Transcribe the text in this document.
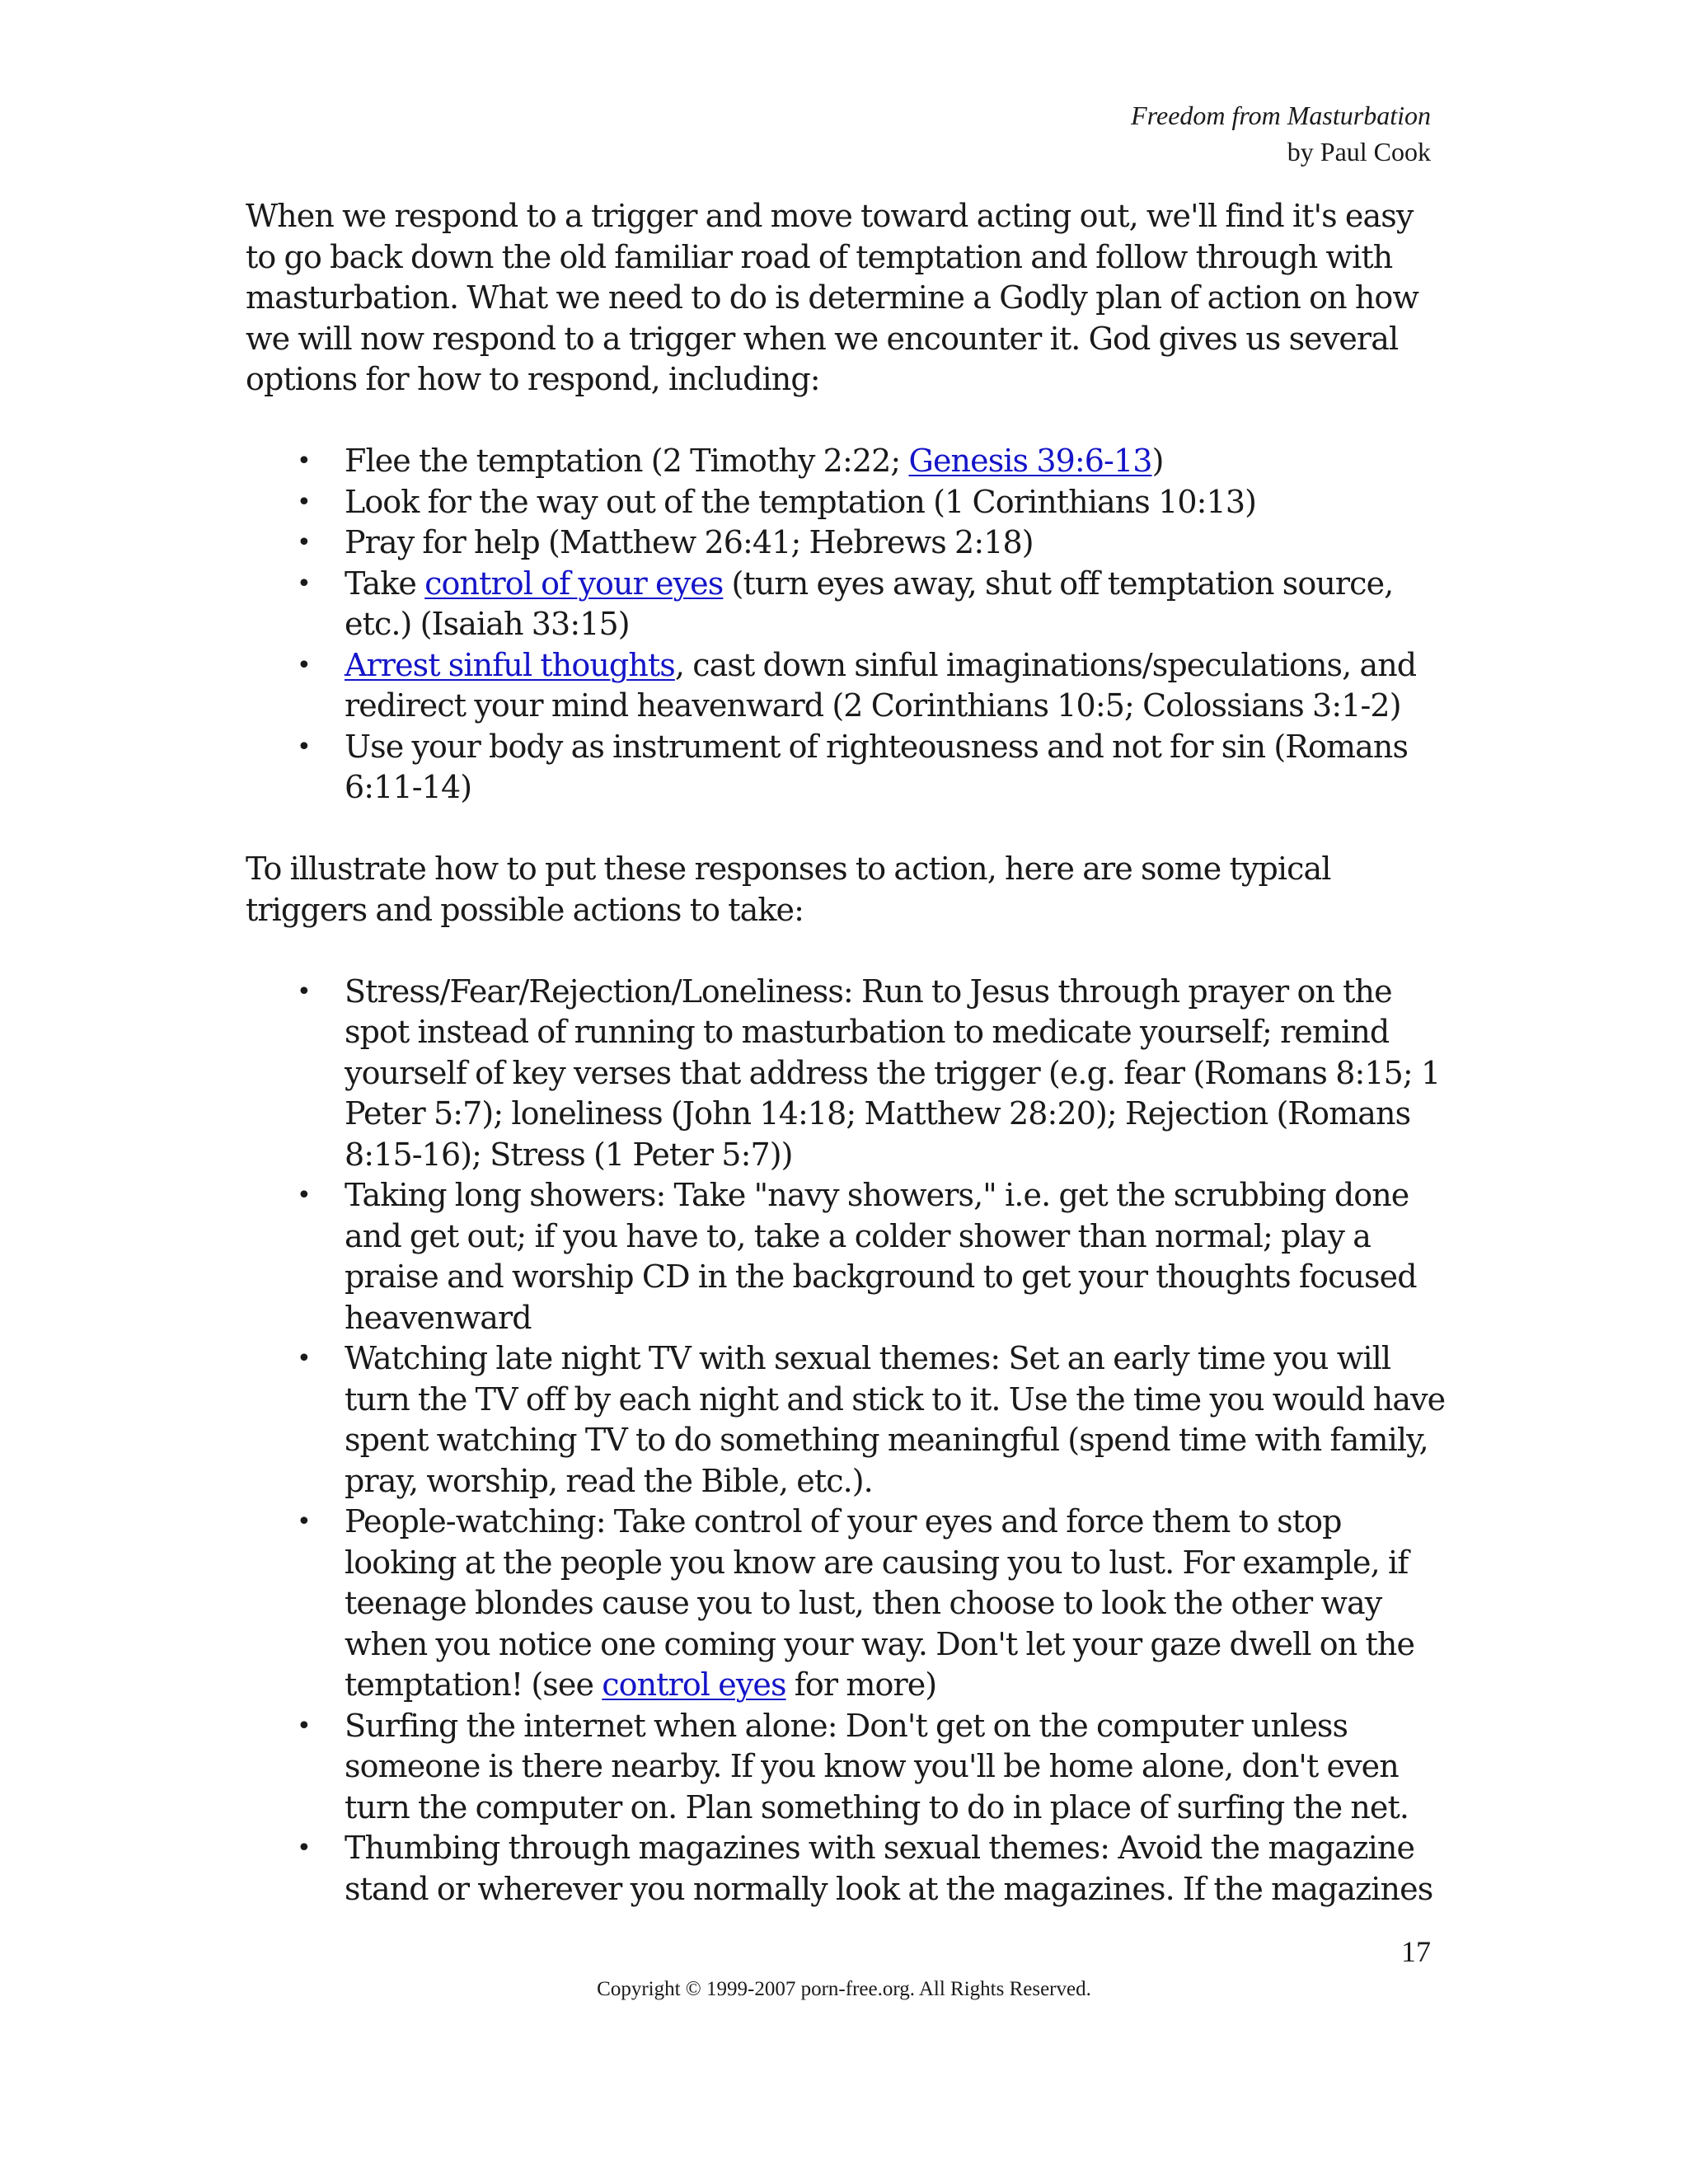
Freedom from Masturbation
by Paul Cook

When we respond to a trigger and move toward acting out, we'll find it's easy to go back down the old familiar road of temptation and follow through with masturbation. What we need to do is determine a Godly plan of action on how we will now respond to a trigger when we encounter it. God gives us several options for how to respond, including:

• Flee the temptation (2 Timothy 2:22; Genesis 39:6-13)
• Look for the way out of the temptation (1 Corinthians 10:13)
• Pray for help (Matthew 26:41; Hebrews 2:18)
• Take control of your eyes (turn eyes away, shut off temptation source, etc.) (Isaiah 33:15)
• Arrest sinful thoughts, cast down sinful imaginations/speculations, and redirect your mind heavenward (2 Corinthians 10:5; Colossians 3:1-2)
• Use your body as instrument of righteousness and not for sin (Romans 6:11-14)

To illustrate how to put these responses to action, here are some typical triggers and possible actions to take:

• Stress/Fear/Rejection/Loneliness: Run to Jesus through prayer on the spot instead of running to masturbation to medicate yourself; remind yourself of key verses that address the trigger (e.g. fear (Romans 8:15; 1 Peter 5:7); loneliness (John 14:18; Matthew 28:20); Rejection (Romans 8:15-16); Stress (1 Peter 5:7))
• Taking long showers: Take "navy showers," i.e. get the scrubbing done and get out; if you have to, take a colder shower than normal; play a praise and worship CD in the background to get your thoughts focused heavenward
• Watching late night TV with sexual themes: Set an early time you will turn the TV off by each night and stick to it. Use the time you would have spent watching TV to do something meaningful (spend time with family, pray, worship, read the Bible, etc.).
• People-watching: Take control of your eyes and force them to stop looking at the people you know are causing you to lust. For example, if teenage blondes cause you to lust, then choose to look the other way when you notice one coming your way. Don't let your gaze dwell on the temptation! (see control eyes for more)
• Surfing the internet when alone: Don't get on the computer unless someone is there nearby. If you know you'll be home alone, don't even turn the computer on. Plan something to do in place of surfing the net.
• Thumbing through magazines with sexual themes: Avoid the magazine stand or wherever you normally look at the magazines. If the magazines
17
Copyright © 1999-2007 porn-free.org. All Rights Reserved.
